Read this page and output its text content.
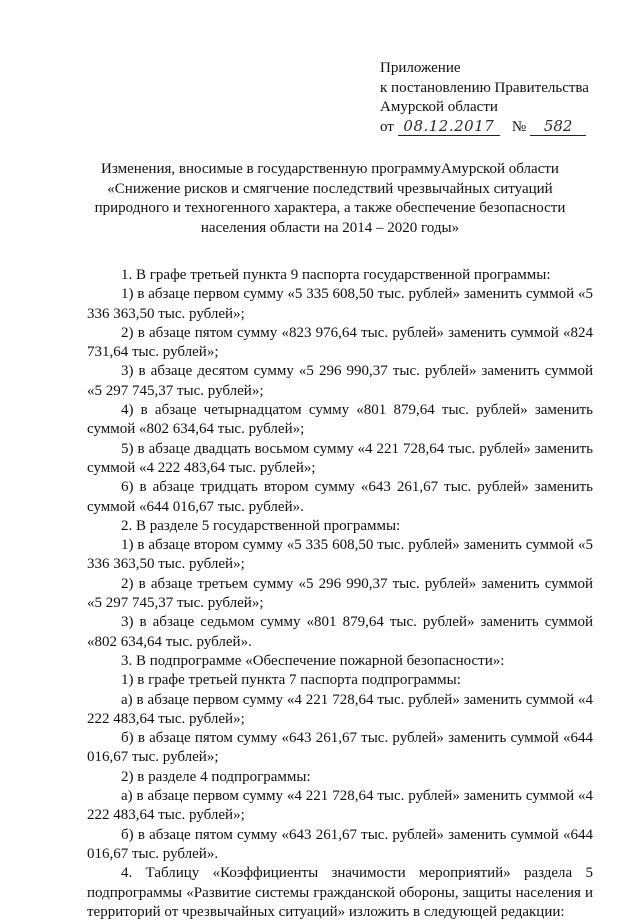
Приложение
к постановлению Правительства
Амурской области
от 08.12.2017	№	582
Изменения, вносимые в государственную программуАмурской области
«Снижение рисков и смягчение последствий чрезвычайных ситуаций
природного и техногенного характера, а также обеспечение безопасности
населения области на 2014 – 2020 годы»

1. В графе третьей пункта 9 паспорта государственной программы:

1) в абзаце первом сумму «5 335 608,50 тыс. рублей» заменить суммой «5 336 363,50 тыс. рублей»;

2) в абзаце пятом сумму «823 976,64 тыс. рублей» заменить суммой «824 731,64 тыс. рублей»;

3) в абзаце десятом сумму «5 296 990,37 тыс. рублей» заменить суммой «5 297 745,37 тыс. рублей»;

4) в абзаце четырнадцатом сумму «801 879,64 тыс. рублей» заменить суммой «802 634,64 тыс. рублей»;

5) в абзаце двадцать восьмом сумму «4 221 728,64 тыс. рублей» заменить суммой «4 222 483,64 тыс. рублей»;

6) в абзаце тридцать втором сумму «643 261,67 тыс. рублей» заменить суммой «644 016,67 тыс. рублей».

2. В разделе 5 государственной программы:

1) в абзаце втором сумму «5 335 608,50 тыс. рублей» заменить суммой «5 336 363,50 тыс. рублей»;

2) в абзаце третьем сумму «5 296 990,37 тыс. рублей» заменить суммой «5 297 745,37 тыс. рублей»;

3) в абзаце седьмом сумму «801 879,64 тыс. рублей» заменить суммой «802 634,64 тыс. рублей».

3. В подпрограмме «Обеспечение пожарной безопасности»:

1) в графе третьей пункта 7 паспорта подпрограммы:

а) в абзаце первом сумму «4 221 728,64 тыс. рублей» заменить суммой «4 222 483,64 тыс. рублей»;

б) в абзаце пятом сумму «643 261,67 тыс. рублей» заменить суммой «644 016,67 тыс. рублей»;

2) в разделе 4 подпрограммы:

а) в абзаце первом сумму «4 221 728,64 тыс. рублей» заменить суммой «4 222 483,64 тыс. рублей»;

б) в абзаце пятом сумму «643 261,67 тыс. рублей» заменить суммой «644 016,67 тыс. рублей».

4. Таблицу «Коэффициенты значимости мероприятий» раздела 5 подпрограммы «Развитие системы гражданской обороны, защиты населения и территорий от чрезвычайных ситуаций» изложить в следующей редакции:
